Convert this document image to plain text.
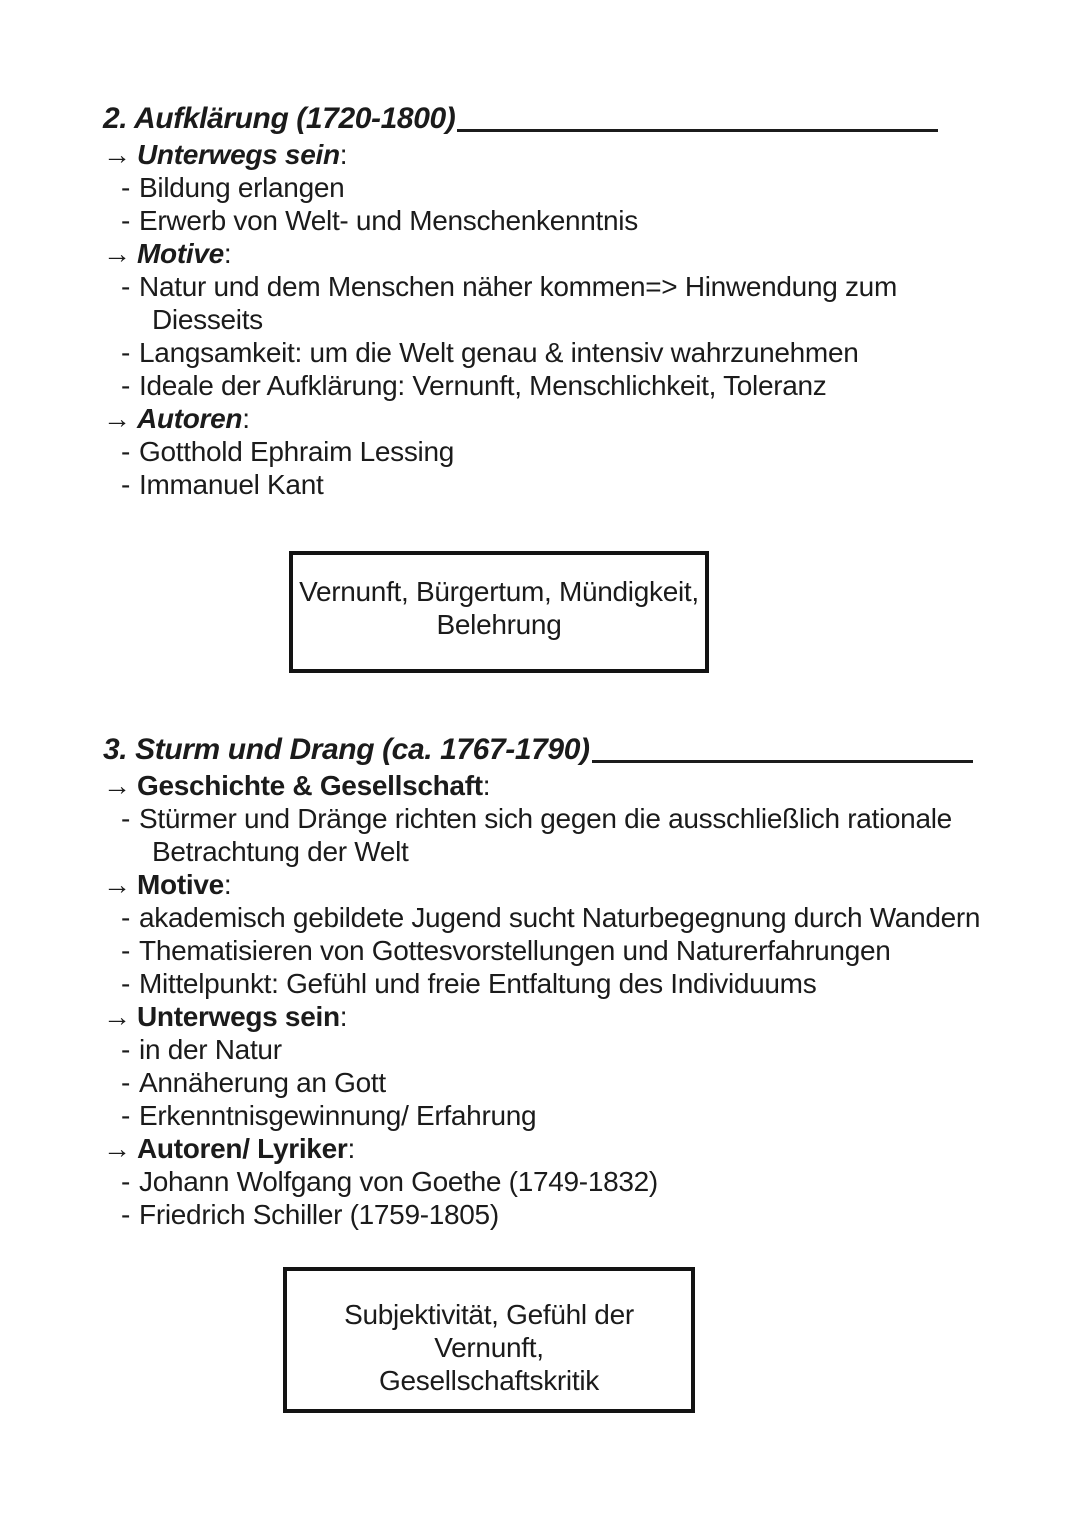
2. Aufklärung (1720-1800)
→ Unterwegs sein:
- Bildung erlangen
- Erwerb von Welt- und Menschenkenntnis
→ Motive:
- Natur und dem Menschen näher kommen=> Hinwendung zum
Diesseits
- Langsamkeit: um die Welt genau & intensiv wahrzunehmen
- Ideale der Aufklärung: Vernunft, Menschlichkeit, Toleranz
→ Autoren:
- Gotthold Ephraim Lessing
- Immanuel Kant
Vernunft, Bürgertum, Mündigkeit,
Belehrung
3. Sturm und Drang (ca. 1767-1790)
→ Geschichte & Gesellschaft:
- Stürmer und Dränge richten sich gegen die ausschließlich rationale
Betrachtung der Welt
→ Motive:
- akademisch gebildete Jugend sucht Naturbegegnung durch Wandern
- Thematisieren von Gottesvorstellungen und Naturerfahrungen
- Mittelpunkt: Gefühl und freie Entfaltung des Individuums
→ Unterwegs sein:
- in der Natur
- Annäherung an Gott
- Erkenntnisgewinnung/ Erfahrung
→ Autoren/ Lyriker:
- Johann Wolfgang von Goethe (1749-1832)
- Friedrich Schiller (1759-1805)
Subjektivität, Gefühl der Vernunft,
Gesellschaftskritik
